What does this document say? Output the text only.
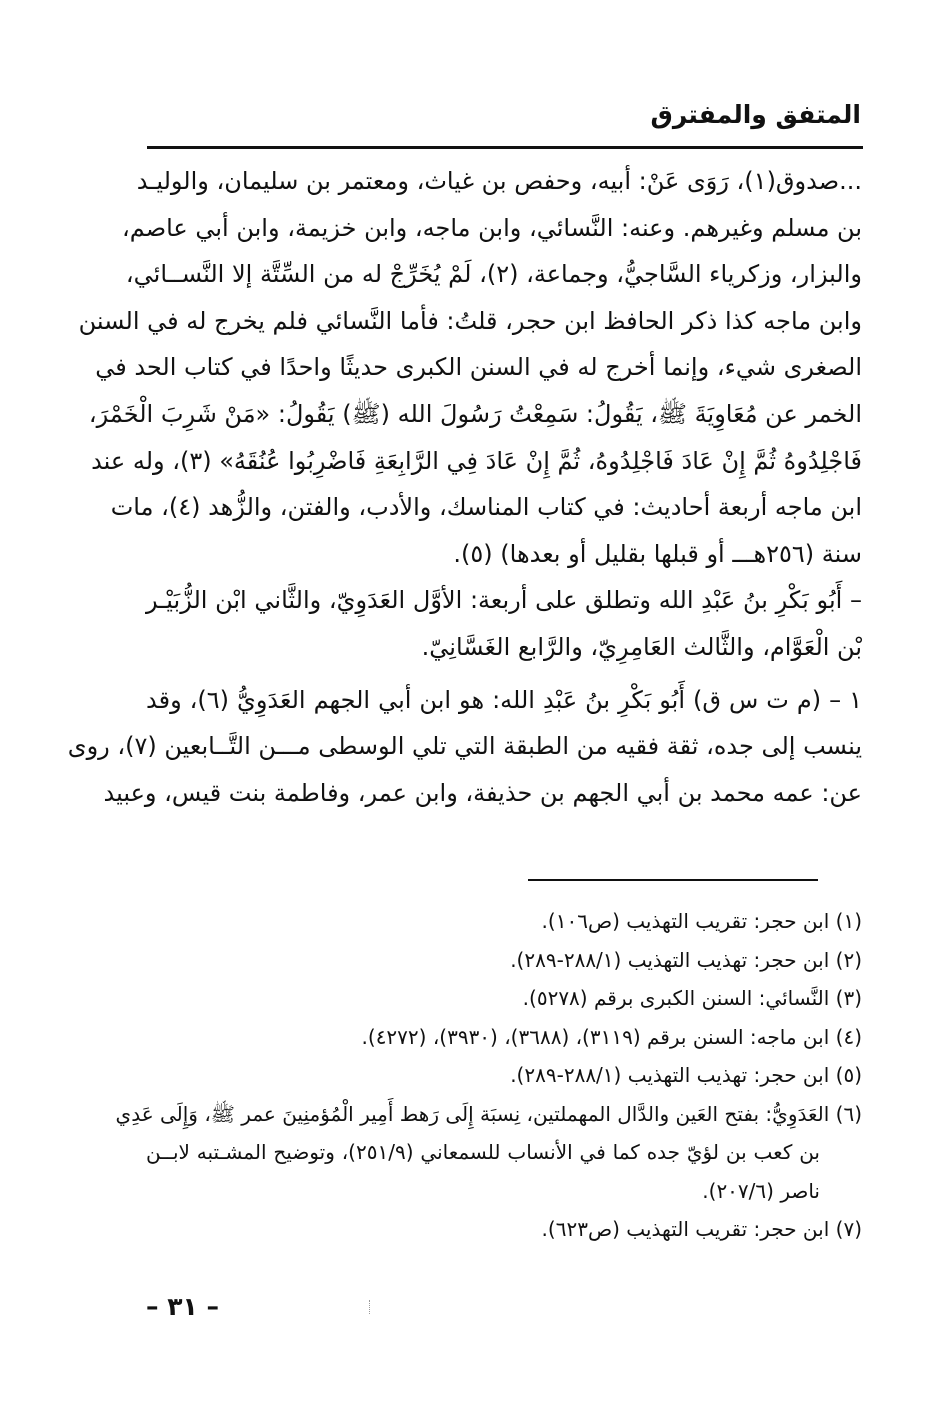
المتفق والمفترق
...صدوق(١)، رَوَى عَنْ: أبيه، وحفص بن غياث، ومعتمر بن سليمان، والوليـد
بن مسلم وغيرهم. وعنه: النَّسائي، وابن ماجه، وابن خزيمة، وابن أبي عاصم،
والبزار، وزكرياء السَّاجيُّ، وجماعة، (٢)، لَمْ يُخَرِّجْ له من السِّتَّة إلا النَّســائي،
وابن ماجه كذا ذكر الحافظ ابن حجر، قلتُ: فأما النَّسائي فلم يخرج له في السنن
الصغرى شيء، وإنما أخرج له في السنن الكبرى حديثًا واحدًا في كتاب الحد في
الخمر عن مُعَاوِيَةَ ﷺ، يَقُولُ: سَمِعْتُ رَسُولَ الله (ﷺ) يَقُولُ: «مَنْ شَرِبَ الْخَمْرَ،
فَاجْلِدُوهُ ثُمَّ إِنْ عَادَ فَاجْلِدُوهُ، ثُمَّ إِنْ عَادَ فِي الرَّابِعَةِ فَاضْرِبُوا عُنُقَهُ» (٣)، وله عند
ابن ماجه أربعة أحاديث: في كتاب المناسك، والأدب، والفتن، والزُّهد (٤)، مات
سنة (٢٥٦هـــ أو قبلها بقليل أو بعدها) (٥).
– أَبُو بَكْرِ بنُ عَبْدِ الله وتطلق على أربعة: الأوَّل العَدَوِيّ، والثَّاني ابْن الزُّبَيْـر
بْن الْعَوَّام، والثَّالث العَامِرِيّ، والرَّابع الغَسَّانِيّ.
١ – (م ت س ق) أَبُو بَكْرِ بنُ عَبْدِ الله: هو ابن أبي الجهم العَدَوِيُّ (٦)، وقد
ينسب إلى جده، ثقة فقيه من الطبقة التي تلي الوسطى مـــن التَّــابعين (٧)، روى
عن: عمه محمد بن أبي الجهم بن حذيفة، وابن عمر، وفاطمة بنت قيس، وعبيد
(١) ابن حجر: تقريب التهذيب (ص١٠٦).
(٢) ابن حجر: تهذيب التهذيب (٢٨٨/١-٢٨٩).
(٣) النَّسائي: السنن الكبرى برقم (٥٢٧٨).
(٤) ابن ماجه: السنن برقم (٣١١٩)، (٣٦٨٨)، (٣٩٣٠)، (٤٢٧٢).
(٥) ابن حجر: تهذيب التهذيب (٢٨٨/١-٢٨٩).
(٦) العَدَوِيُّ: بفتح العَين والدَّال المهملتين، نِسبَة إِلَى رَهط أَمِير الْمُؤمنِينَ عمر ﷺ، وَإِلَى عَدِي
بن كعب بن لؤيّ جده كما في الأنساب للسمعاني (٢٥١/٩)، وتوضيح المشـتبه لابــن
ناصر (٢٠٧/٦).
(٧) ابن حجر: تقريب التهذيب (ص٦٢٣).
– ٣١ –
